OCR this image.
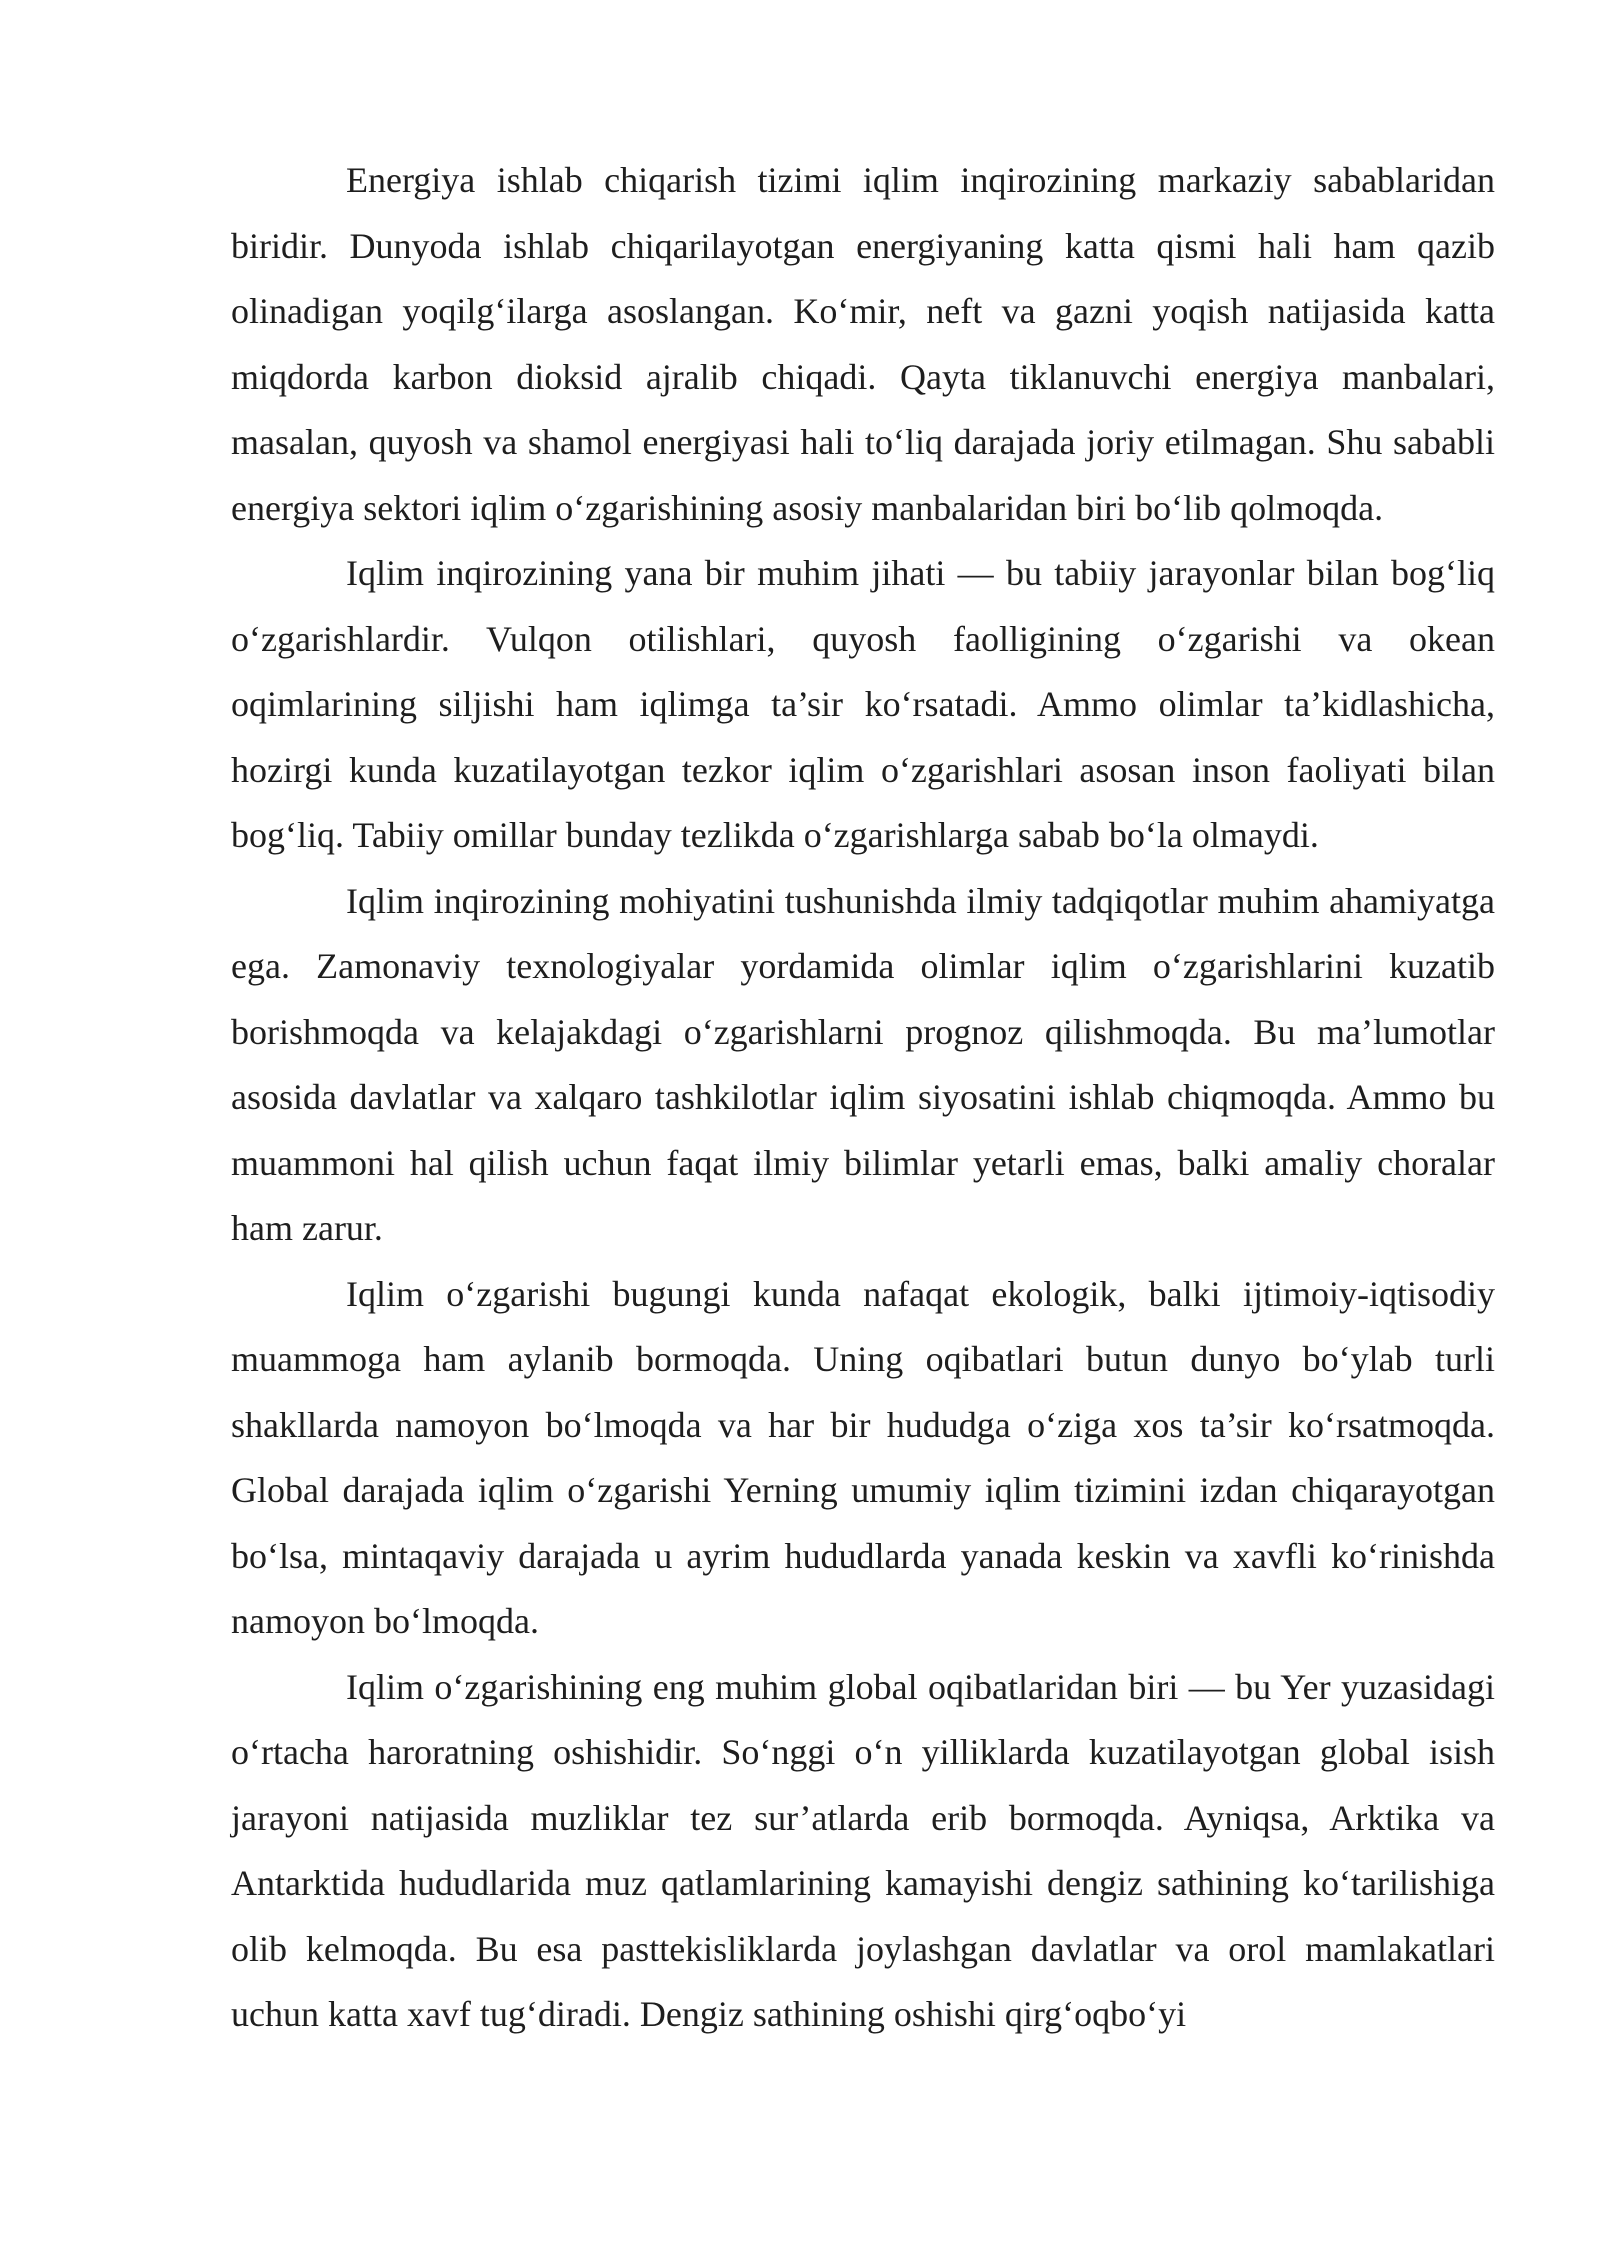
Energiya ishlab chiqarish tizimi iqlim inqirozining markaziy sabablaridan biridir. Dunyoda ishlab chiqarilayotgan energiyaning katta qismi hali ham qazib olinadigan yoqilg‘ilarga asoslangan. Ko‘mir, neft va gazni yoqish natijasida katta miqdorda karbon dioksid ajralib chiqadi. Qayta tiklanuvchi energiya manbalari, masalan, quyosh va shamol energiyasi hali to‘liq darajada joriy etilmagan. Shu sababli energiya sektori iqlim o‘zgarishining asosiy manbalaridan biri bo‘lib qolmoqda.

Iqlim inqirozining yana bir muhim jihati — bu tabiiy jarayonlar bilan bog‘liq o‘zgarishlardir. Vulqon otilishlari, quyosh faolligining o‘zgarishi va okean oqimlarining siljishi ham iqlimga ta’sir ko‘rsatadi. Ammo olimlar ta’kidlashicha, hozirgi kunda kuzatilayotgan tezkor iqlim o‘zgarishlari asosan inson faoliyati bilan bog‘liq. Tabiiy omillar bunday tezlikda o‘zgarishlarga sabab bo‘la olmaydi.

Iqlim inqirozining mohiyatini tushunishda ilmiy tadqiqotlar muhim ahamiyatga ega. Zamonaviy texnologiyalar yordamida olimlar iqlim o‘zgarishlarini kuzatib borishmoqda va kelajakdagi o‘zgarishlarni prognoz qilishmoqda. Bu ma’lumotlar asosida davlatlar va xalqaro tashkilotlar iqlim siyosatini ishlab chiqmoqda. Ammo bu muammoni hal qilish uchun faqat ilmiy bilimlar yetarli emas, balki amaliy choralar ham zarur.

Iqlim o‘zgarishi bugungi kunda nafaqat ekologik, balki ijtimoiy-iqtisodiy muammoga ham aylanib bormoqda. Uning oqibatlari butun dunyo bo‘ylab turli shakllarda namoyon bo‘lmoqda va har bir hududga o‘ziga xos ta’sir ko‘rsatmoqda. Global darajada iqlim o‘zgarishi Yerning umumiy iqlim tizimini izdan chiqarayotgan bo‘lsa, mintaqaviy darajada u ayrim hududlarda yanada keskin va xavfli ko‘rinishda namoyon bo‘lmoqda.

Iqlim o‘zgarishining eng muhim global oqibatlaridan biri — bu Yer yuzasidagi o‘rtacha haroratning oshishidir. So‘nggi o‘n yilliklarda kuzatilayotgan global isish jarayoni natijasida muzliklar tez sur’atlarda erib bormoqda. Ayniqsa, Arktika va Antarktida hududlarida muz qatlamlarining kamayishi dengiz sathining ko‘tarilishiga olib kelmoqda. Bu esa pasttekisliklarda joylashgan davlatlar va orol mamlakatlari uchun katta xavf tug‘diradi. Dengiz sathining oshishi qirg‘oqbo‘yi
